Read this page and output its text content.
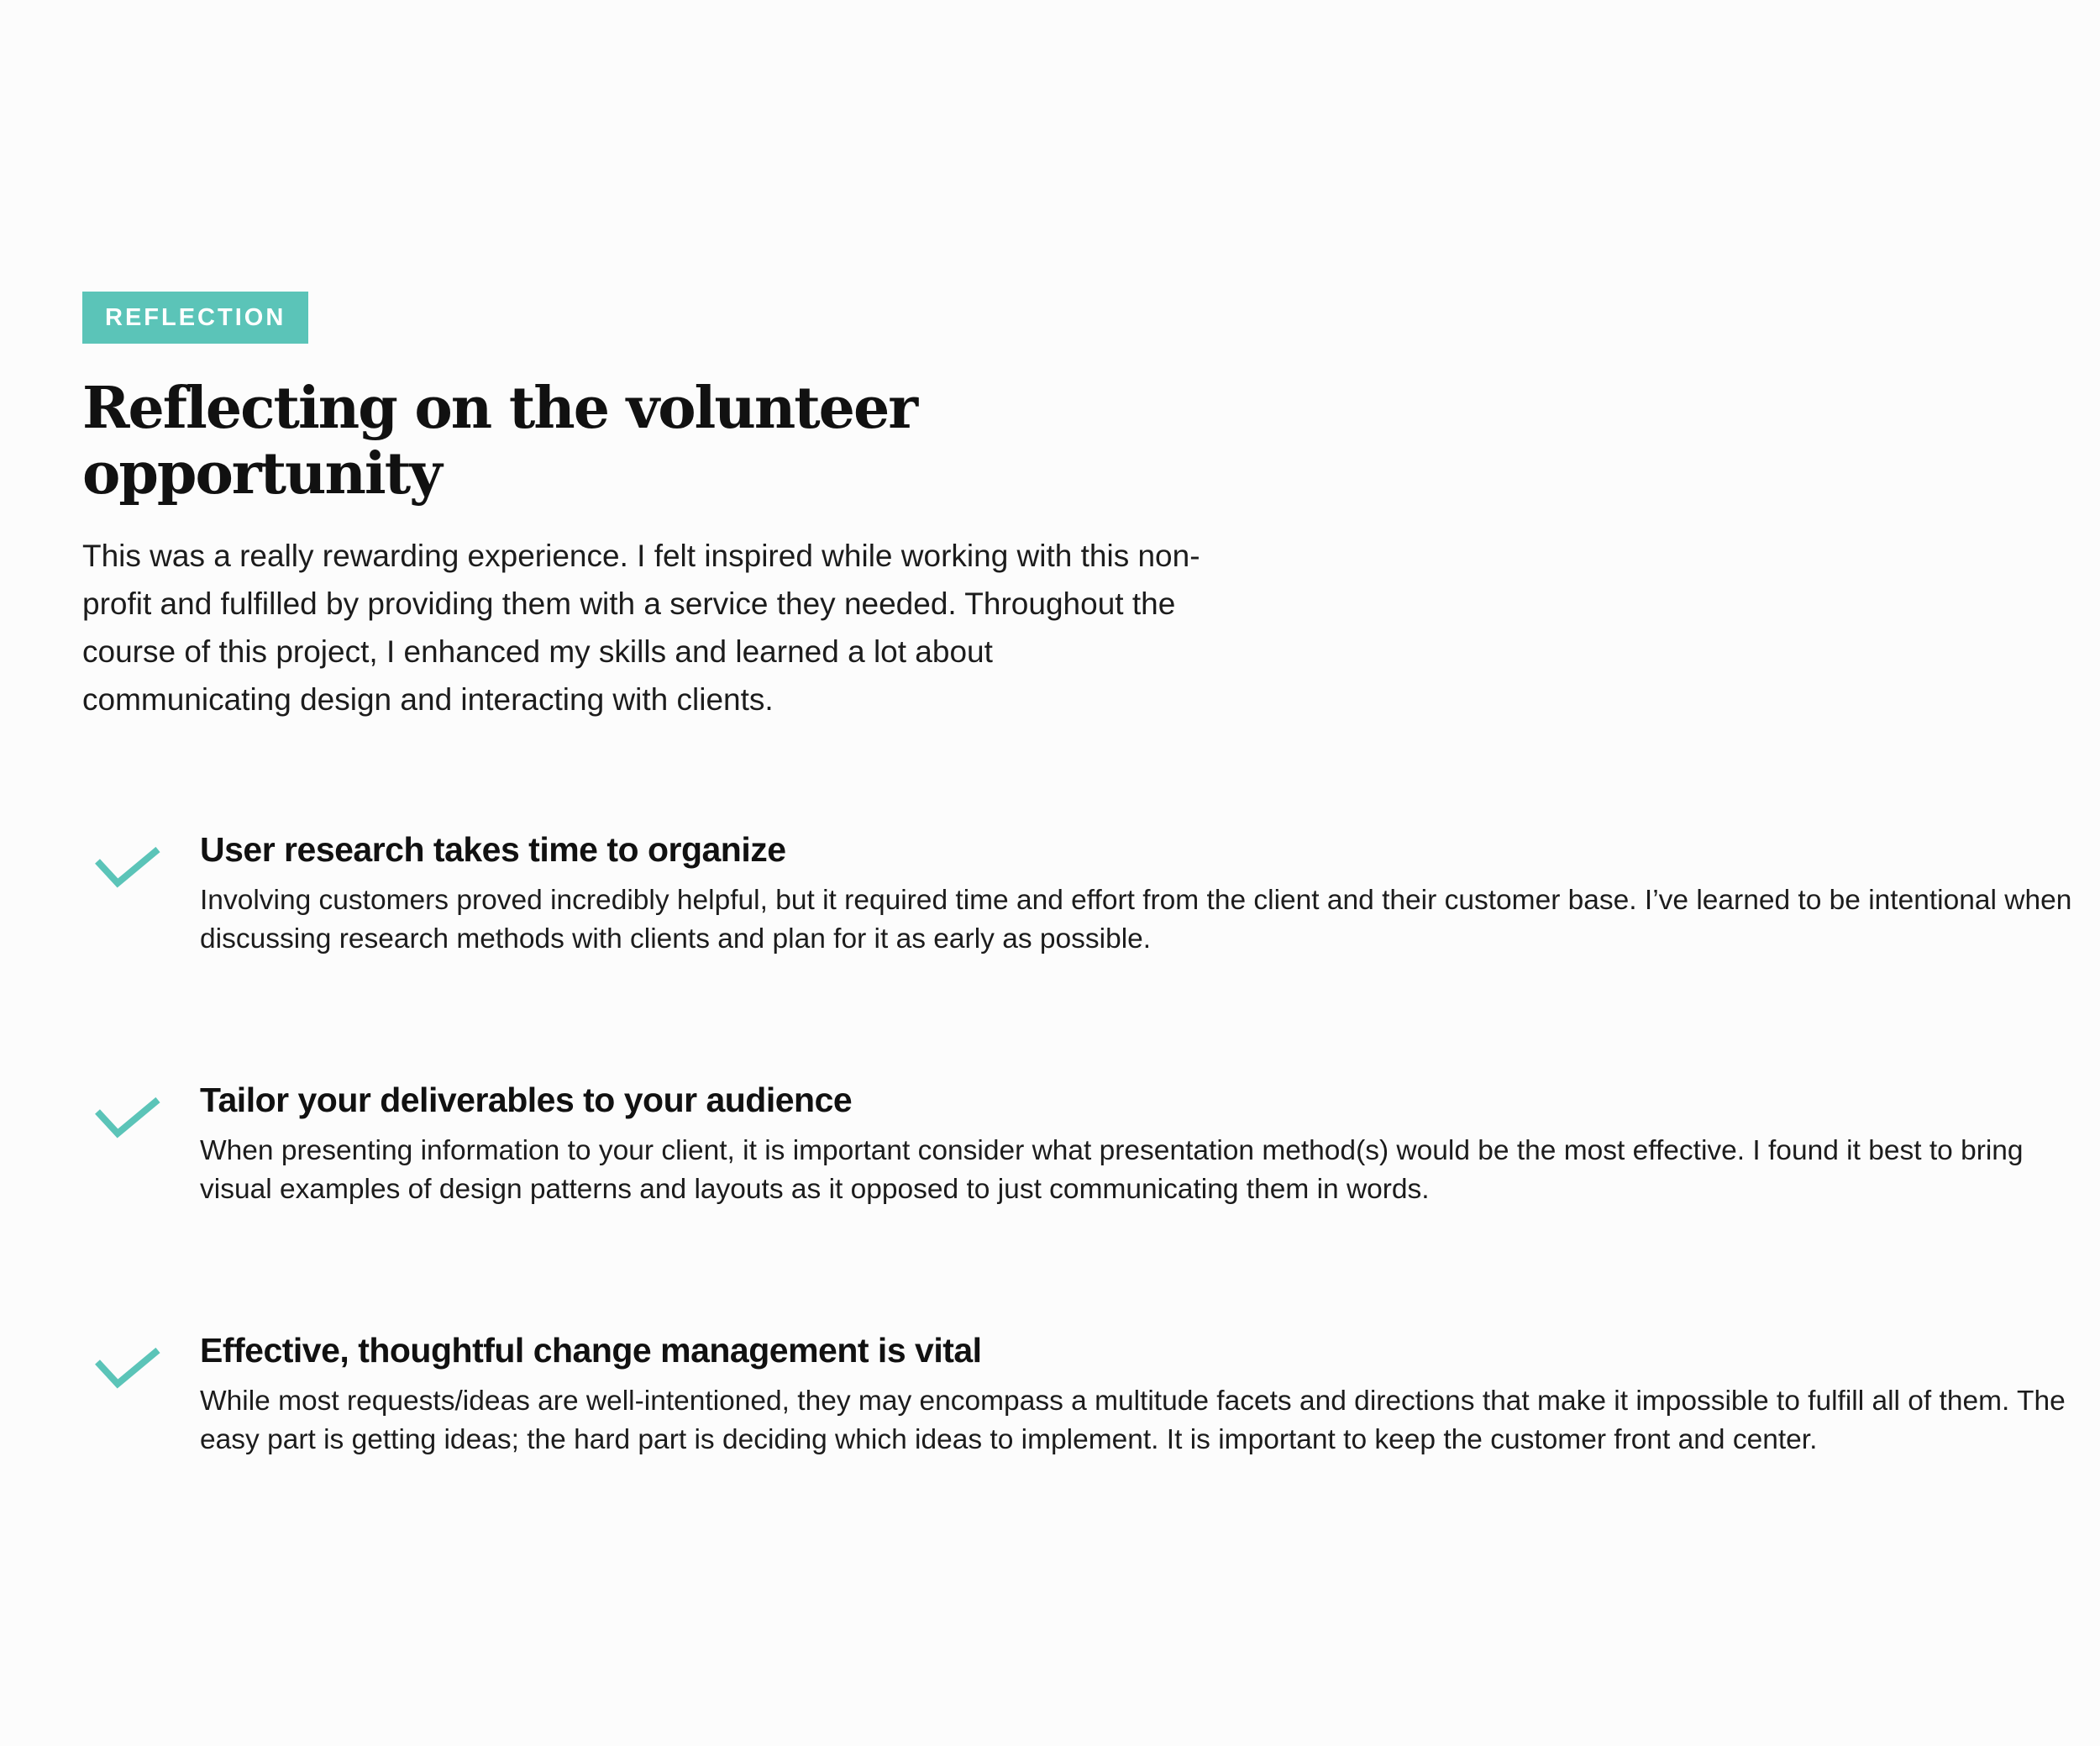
REFLECTION
Reflecting on the volunteer opportunity

This was a really rewarding experience. I felt inspired while working with this non-profit and fulfilled by providing them with a service they needed. Throughout the course of this project, I enhanced my skills and learned a lot about communicating design and interacting with clients.

User research takes time to organize

Involving customers proved incredibly helpful, but it required time and effort from the client and their customer base. I’ve learned to be intentional when discussing research methods with clients and plan for it as early as possible.

Tailor your deliverables to your audience

When presenting information to your client, it is important consider what presentation method(s) would be the most effective. I found it best to bring visual examples of design patterns and layouts as it opposed to just communicating them in words.

Effective, thoughtful change management is vital

While most requests/ideas are well-intentioned, they may encompass a multitude facets and directions that make it impossible to fulfill all of them. The easy part is getting ideas; the hard part is deciding which ideas to implement. It is important to keep the customer front and center.
